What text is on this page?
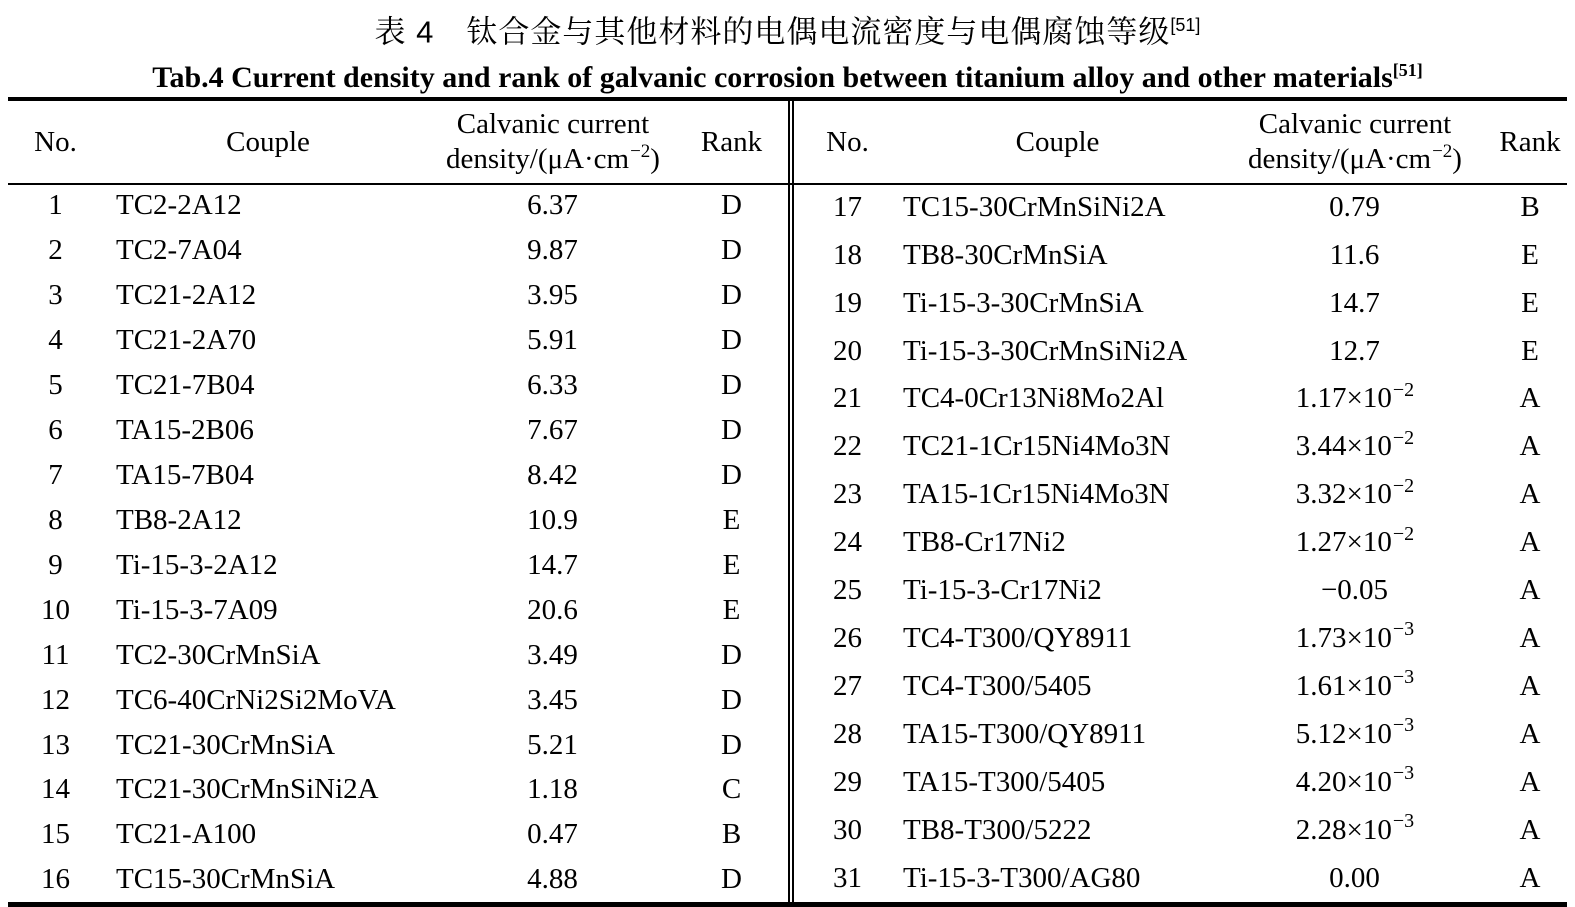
表 4　钛合金与其他材料的电偶电流密度与电偶腐蚀等级[51]
Tab.4 Current density and rank of galvanic corrosion between titanium alloy and other materials[51]
No.	Couple	Calvanic current
density/$(\mu A\cdot cm^{-2})$	Rank
1	TC2-2A12	6.37	D
2	TC2-7A04	9.87	D
3	TC21-2A12	3.95	D
4	TC21-2A70	5.91	D
5	TC21-7B04	6.33	D
6	TA15-2B06	7.67	D
7	TA15-7B04	8.42	D
8	TB8-2A12	10.9	E
9	Ti-15-3-2A12	14.7	E
10	Ti-15-3-7A09	20.6	E
11	TC2-30CrMnSiA	3.49	D
12	TC6-40CrNi2Si2MoVA	3.45	D
13	TC21-30CrMnSiA	5.21	D
14	TC21-30CrMnSiNi2A	1.18	C
15	TC21-A100	0.47	B
16	TC15-30CrMnSiA	4.88	D
No.	Couple	Calvanic current
density/$(\mu A\cdot cm^{-2})$	Rank
17	TC15-30CrMnSiNi2A	0.79	B
18	TB8-30CrMnSiA	11.6	E
19	Ti-15-3-30CrMnSiA	14.7	E
20	Ti-15-3-30CrMnSiNi2A	12.7	E
21	TC4-0Cr13Ni8Mo2Al	$1.17\times 10^{-2}$	A
22	TC21-1Cr15Ni4Mo3N	$3.44\times 10^{-2}$	A
23	TA15-1Cr15Ni4Mo3N	$3.32\times 10^{-2}$	A
24	TB8-Cr17Ni2	$1.27\times 10^{-2}$	A
25	Ti-15-3-Cr17Ni2	−0.05	A
26	TC4-T300/QY8911	$1.73\times 10^{-3}$	A
27	TC4-T300/5405	$1.61\times 10^{-3}$	A
28	TA15-T300/QY8911	$5.12\times 10^{-3}$	A
29	TA15-T300/5405	$4.20\times 10^{-3}$	A
30	TB8-T300/5222	$2.28\times 10^{-3}$	A
31	Ti-15-3-T300/AG80	0.00	A
